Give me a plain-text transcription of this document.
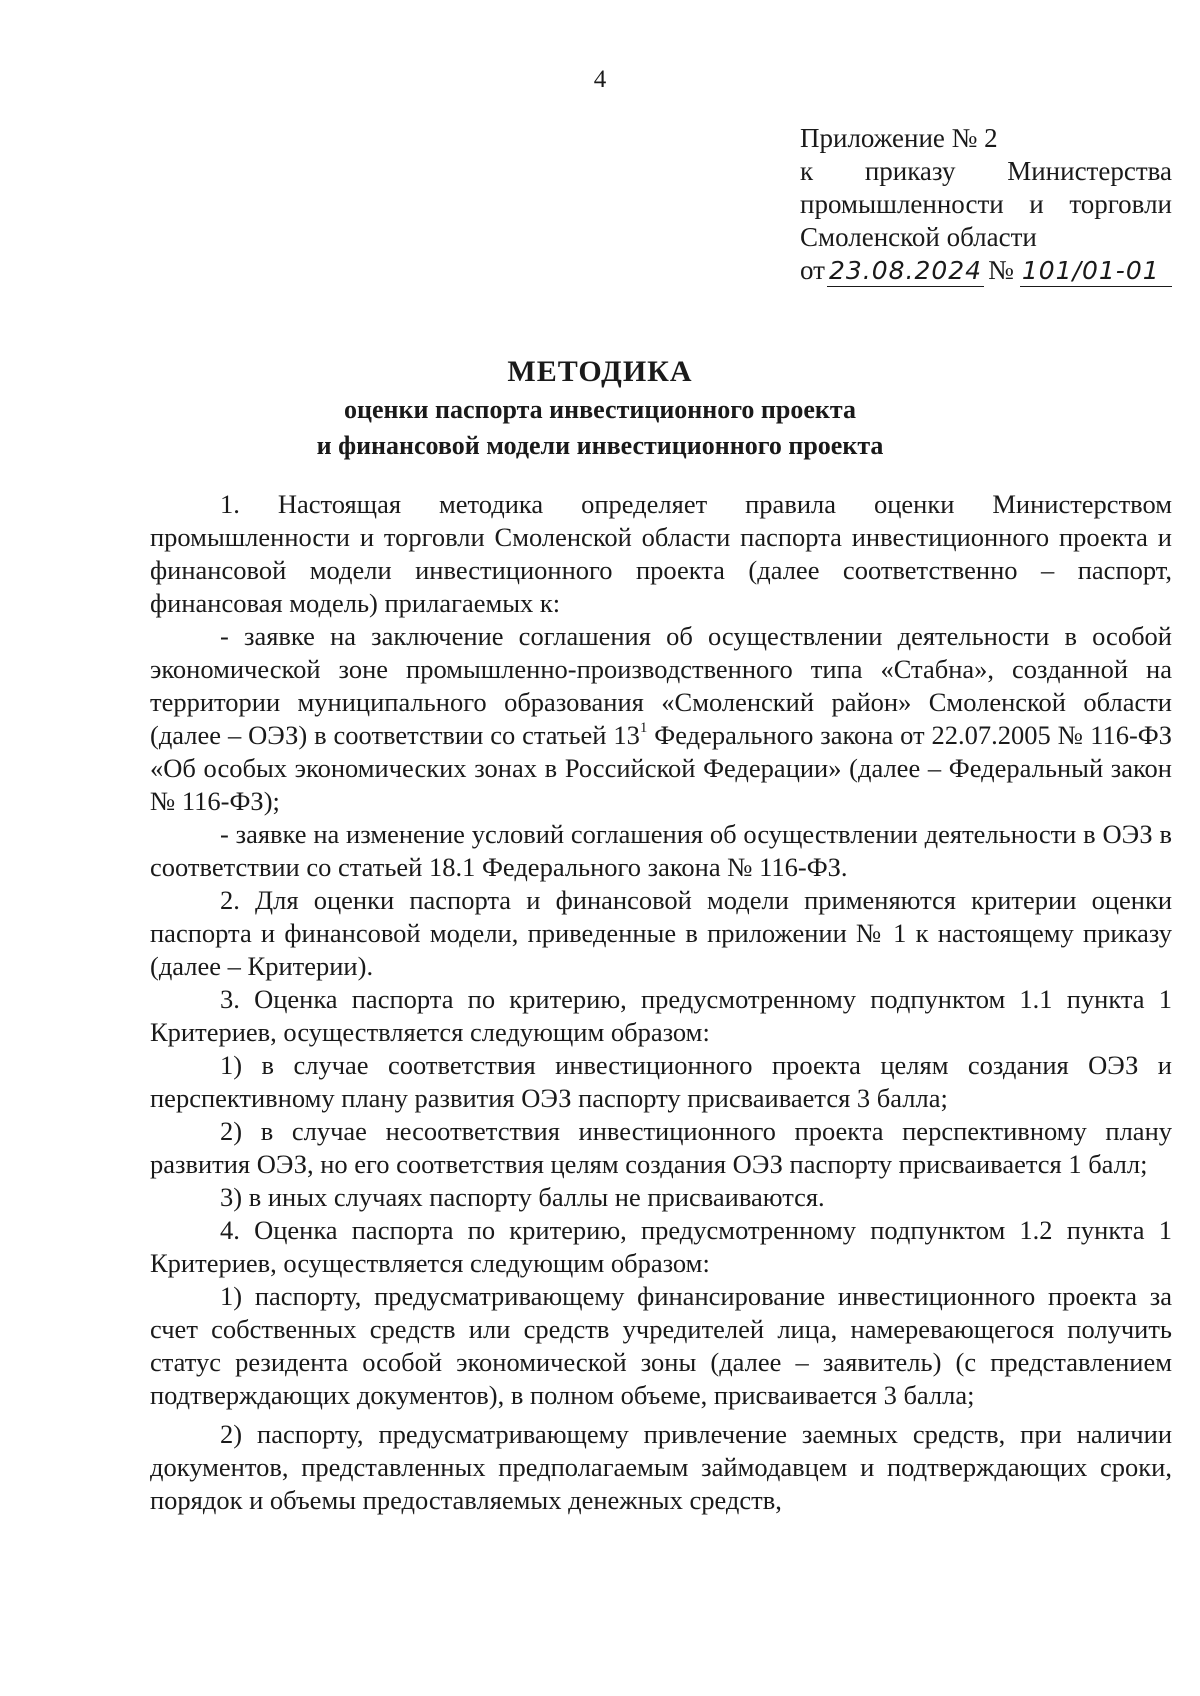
4
Приложение № 2
к приказу Министерства
промышленности и торговли
Смоленской области
от 23.08.2024 № 101/01-01
МЕТОДИКА
оценки паспорта инвестиционного проекта
и финансовой модели инвестиционного проекта

1. Настоящая методика определяет правила оценки Министерством промышленности и торговли Смоленской области паспорта инвестиционного проекта и финансовой модели инвестиционного проекта (далее соответственно – паспорт, финансовая модель) прилагаемых к:

- заявке на заключение соглашения об осуществлении деятельности в особой экономической зоне промышленно-производственного типа «Стабна», созданной на территории муниципального образования «Смоленский район» Смоленской области (далее – ОЭЗ) в соответствии со статьей $13^1$ Федерального закона от 22.07.2005 № 116-ФЗ «Об особых экономических зонах в Российской Федерации» (далее – Федеральный закон № 116-ФЗ);

- заявке на изменение условий соглашения об осуществлении деятельности в ОЭЗ в соответствии со статьей 18.1 Федерального закона № 116-ФЗ.

2. Для оценки паспорта и финансовой модели применяются критерии оценки паспорта и финансовой модели, приведенные в приложении № 1 к настоящему приказу (далее – Критерии).

3. Оценка паспорта по критерию, предусмотренному подпунктом 1.1 пункта 1 Критериев, осуществляется следующим образом:

1) в случае соответствия инвестиционного проекта целям создания ОЭЗ и перспективному плану развития ОЭЗ паспорту присваивается 3 балла;

2) в случае несоответствия инвестиционного проекта перспективному плану развития ОЭЗ, но его соответствия целям создания ОЭЗ паспорту присваивается 1 балл;

3) в иных случаях паспорту баллы не присваиваются.

4. Оценка паспорта по критерию, предусмотренному подпунктом 1.2 пункта 1 Критериев, осуществляется следующим образом:

1) паспорту, предусматривающему финансирование инвестиционного проекта за счет собственных средств или средств учредителей лица, намеревающегося получить статус резидента особой экономической зоны (далее – заявитель) (с представлением подтверждающих документов), в полном объеме, присваивается 3 балла;

2) паспорту, предусматривающему привлечение заемных средств, при наличии документов, представленных предполагаемым займодавцем и подтверждающих сроки, порядок и объемы предоставляемых денежных средств,
